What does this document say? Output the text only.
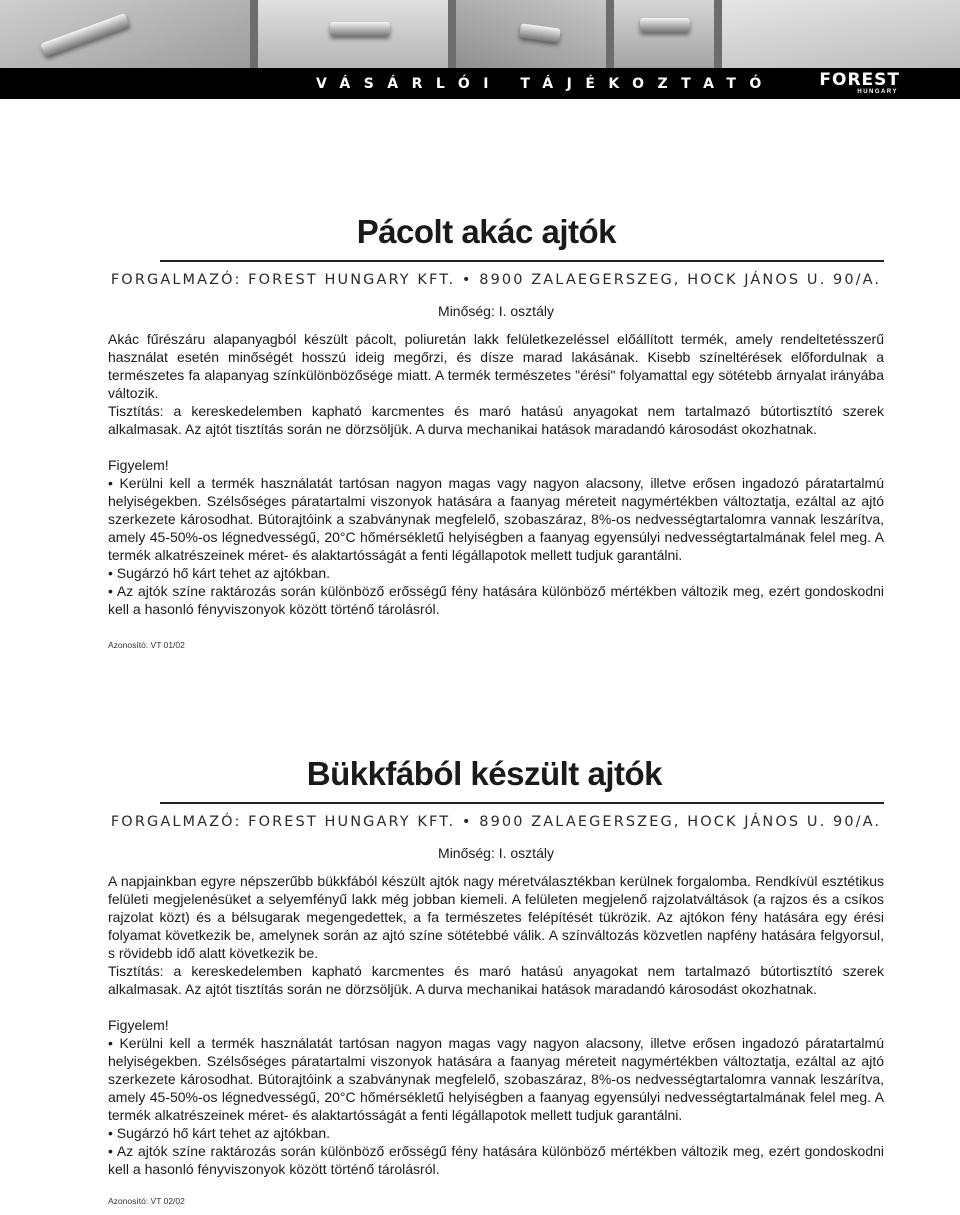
VÁSÁRLÓI TÁJÉKOZTATÓ	FOREST
HUNGARY
Pácolt akác ajtók
FORGALMAZÓ: FOREST HUNGARY KFT. • 8900 ZALAEGERSZEG, HOCK JÁNOS U. 90/A.
Minőség: I. osztály

Akác fűrészáru alapanyagból készült pácolt, poliuretán lakk felületkezeléssel előállított termék, amely rendeltetésszerű használat esetén minőségét hosszú ideig megőrzi, és dísze marad lakásának. Kisebb színeltérések előfordulnak a természetes fa alapanyag színkülönbözősége miatt. A termék természetes "érési" folyamattal egy sötétebb árnyalat irányába változik.

Tisztítás: a kereskedelemben kapható karcmentes és maró hatású anyagokat nem tartalmazó bútortisztító szerek alkalmasak. Az ajtót tisztítás során ne dörzsöljük. A durva mechanikai hatások maradandó károsodást okozhatnak.

Figyelem!

• Kerülni kell a termék használatát tartósan nagyon magas vagy nagyon alacsony, illetve erősen ingadozó páratartalmú helyiségekben. Szélsőséges páratartalmi viszonyok hatására a faanyag méreteit nagymértékben változtatja, ezáltal az ajtó szerkezete károsodhat. Bútorajtóink a szabványnak megfelelő, szobaszáraz, 8%-os nedvességtartalomra vannak leszárítva, amely 45-50%-os légnedvességű, 20°C hőmérsékletű helyiségben a faanyag egyensúlyi nedvességtartalmának felel meg. A termék alkatrészeinek méret- és alaktartósságát a fenti légállapotok mellett tudjuk garantálni.

• Sugárzó hő kárt tehet az ajtókban.

• Az ajtók színe raktározás során különböző erősségű fény hatására különböző mértékben változik meg, ezért gondoskodni kell a hasonló fényviszonyok között történő tárolásról.

Azonosító: VT 01/02
Bükkfából készült ajtók
FORGALMAZÓ: FOREST HUNGARY KFT. • 8900 ZALAEGERSZEG, HOCK JÁNOS U. 90/A.
Minőség: I. osztály

A napjainkban egyre népszerűbb bükkfából készült ajtók nagy méretválasztékban kerülnek forgalomba. Rendkívül esztétikus felületi megjelenésüket a selyemfényű lakk még jobban kiemeli. A felületen megjelenő rajzolatváltások (a rajzos és a csíkos rajzolat közt) és a bélsugarak megengedettek, a fa természetes felépítését tükrözik. Az ajtókon fény hatására egy érési folyamat következik be, amelynek során az ajtó színe sötétebbé válik. A színváltozás közvetlen napfény hatására felgyorsul, s rövidebb idő alatt következik be.

Tisztítás: a kereskedelemben kapható karcmentes és maró hatású anyagokat nem tartalmazó bútortisztító szerek alkalmasak. Az ajtót tisztítás során ne dörzsöljük. A durva mechanikai hatások maradandó károsodást okozhatnak.

Figyelem!

• Kerülni kell a termék használatát tartósan nagyon magas vagy nagyon alacsony, illetve erősen ingadozó páratartalmú helyiségekben. Szélsőséges páratartalmi viszonyok hatására a faanyag méreteit nagymértékben változtatja, ezáltal az ajtó szerkezete károsodhat. Bútorajtóink a szabványnak megfelelő, szobaszáraz, 8%-os nedvességtartalomra vannak leszárítva, amely 45-50%-os légnedvességű, 20°C hőmérsékletű helyiségben a faanyag egyensúlyi nedvességtartalmának felel meg. A termék alkatrészeinek méret- és alaktartósságát a fenti légállapotok mellett tudjuk garantálni.

• Sugárzó hő kárt tehet az ajtókban.

• Az ajtók színe raktározás során különböző erősségű fény hatására különböző mértékben változik meg, ezért gondoskodni kell a hasonló fényviszonyok között történő tárolásról.

Azonosító: VT 02/02
